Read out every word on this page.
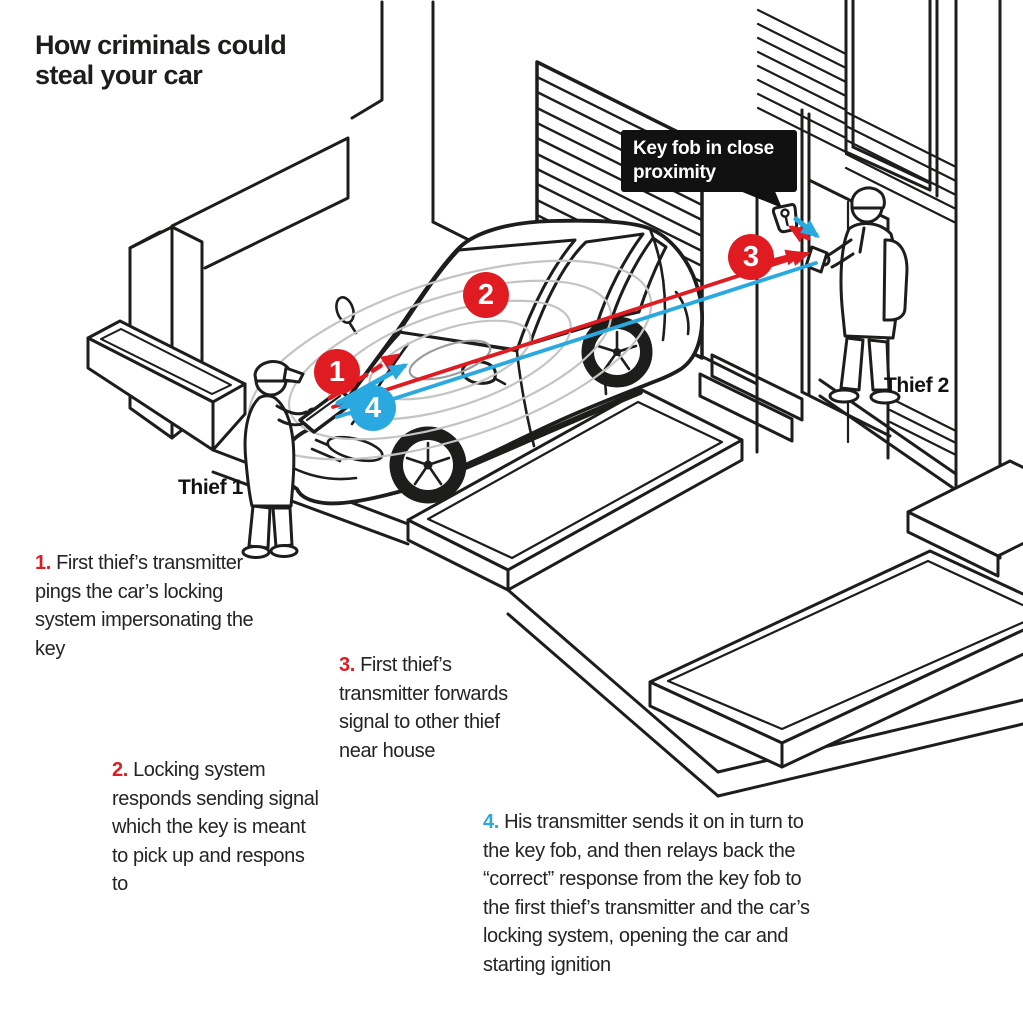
How criminals could
steal your car
Key fob in close proximity
1
2
3
4
Thief 1
Thief 2
1. First thief’s transmitter pings the car’s locking system impersonating the key
3. First thief’s transmitter forwards signal to other thief near house
2. Locking system responds sending signal which the key is meant to pick up and respons to
4. His transmitter sends it on in turn to the key fob, and then relays back the “correct” response from the key fob to the first thief’s transmitter and the car’s locking system, opening the car and starting ignition
